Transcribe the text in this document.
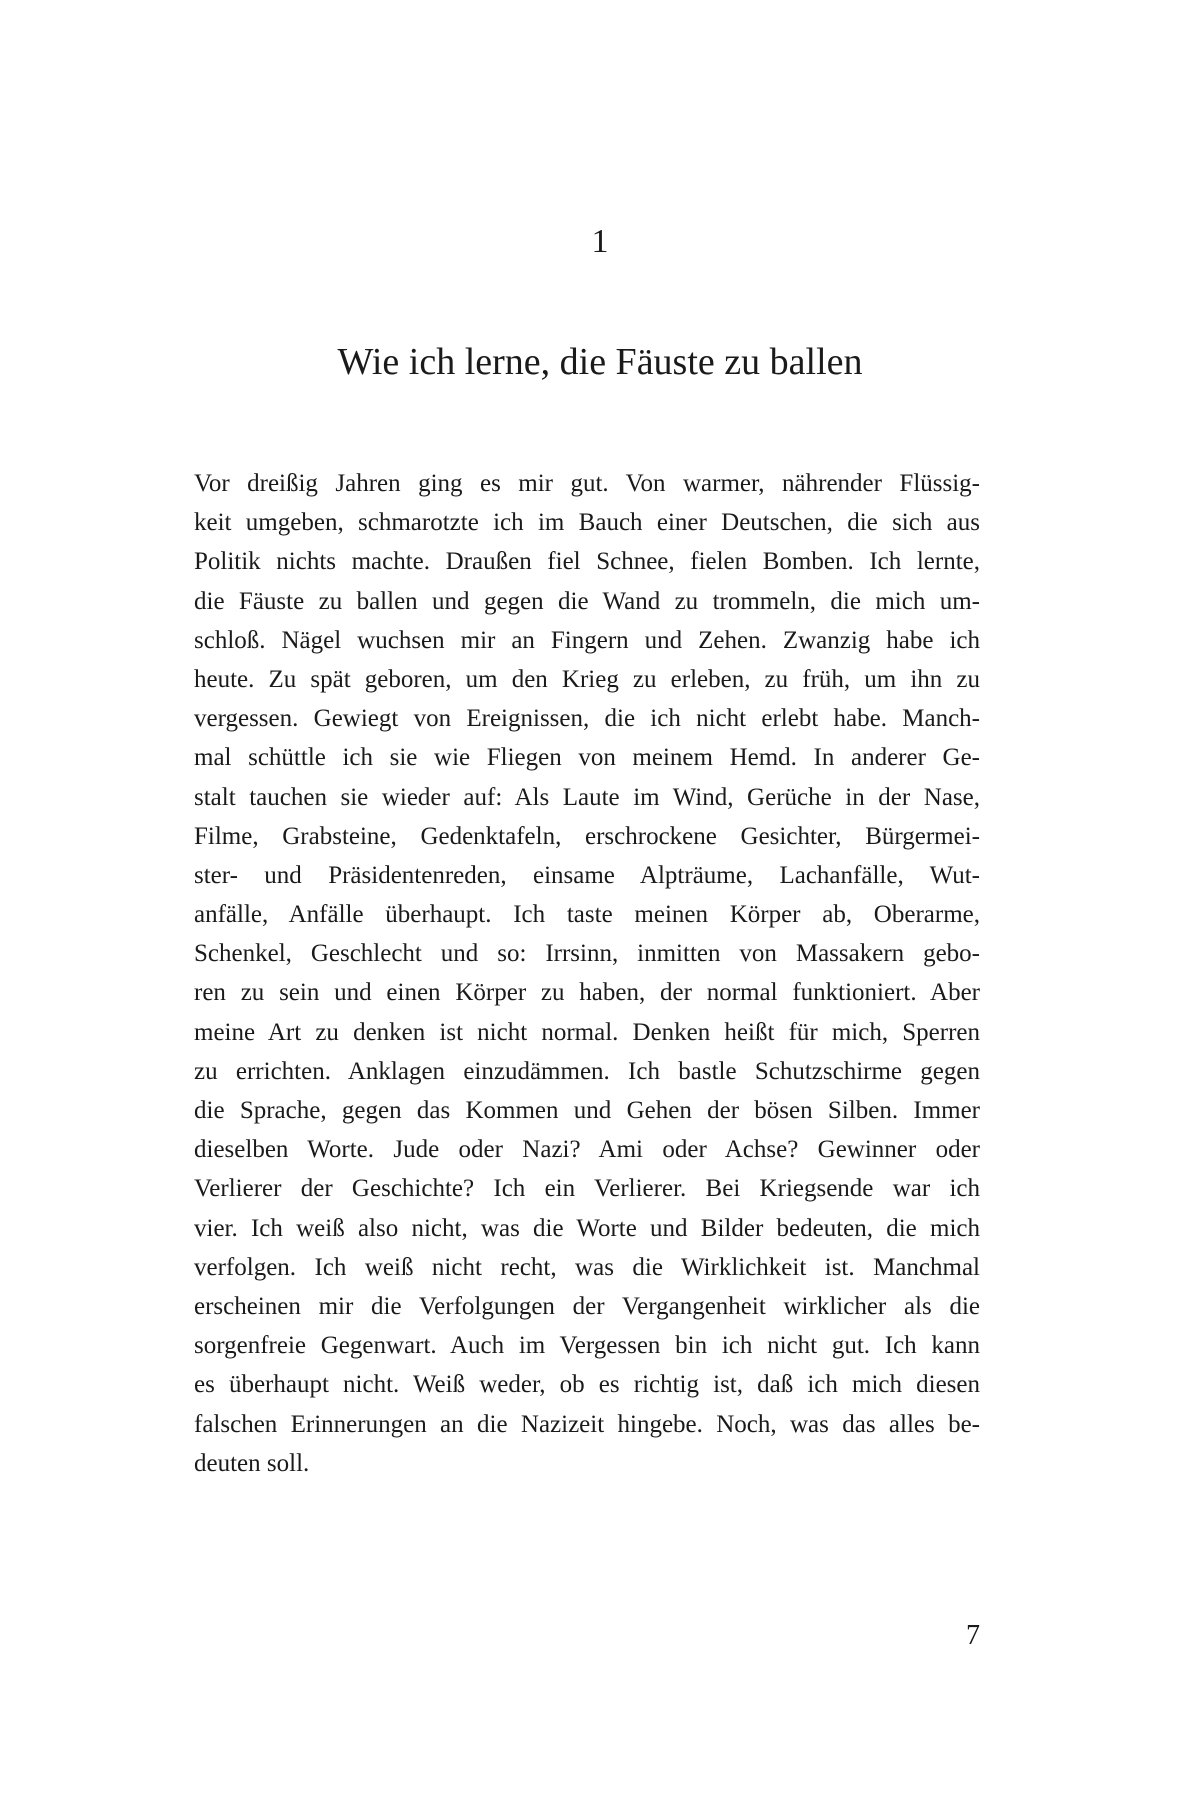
1
Wie ich lerne, die Fäuste zu ballen
Vor dreißig Jahren ging es mir gut. Von warmer, nährender Flüssig-
keit umgeben, schmarotzte ich im Bauch einer Deutschen, die sich aus
Politik nichts machte. Draußen fiel Schnee, fielen Bomben. Ich lernte,
die Fäuste zu ballen und gegen die Wand zu trommeln, die mich um-
schloß. Nägel wuchsen mir an Fingern und Zehen. Zwanzig habe ich
heute. Zu spät geboren, um den Krieg zu erleben, zu früh, um ihn zu
vergessen. Gewiegt von Ereignissen, die ich nicht erlebt habe. Manch-
mal schüttle ich sie wie Fliegen von meinem Hemd. In anderer Ge-
stalt tauchen sie wieder auf: Als Laute im Wind, Gerüche in der Nase,
Filme, Grabsteine, Gedenktafeln, erschrockene Gesichter, Bürgermei-
ster- und Präsidentenreden, einsame Alpträume, Lachanfälle, Wut-
anfälle, Anfälle überhaupt. Ich taste meinen Körper ab, Oberarme,
Schenkel, Geschlecht und so: Irrsinn, inmitten von Massakern gebo-
ren zu sein und einen Körper zu haben, der normal funktioniert. Aber
meine Art zu denken ist nicht normal. Denken heißt für mich, Sperren
zu errichten. Anklagen einzudämmen. Ich bastle Schutzschirme gegen
die Sprache, gegen das Kommen und Gehen der bösen Silben. Immer
dieselben Worte. Jude oder Nazi? Ami oder Achse? Gewinner oder
Verlierer der Geschichte? Ich ein Verlierer. Bei Kriegsende war ich
vier. Ich weiß also nicht, was die Worte und Bilder bedeuten, die mich
verfolgen. Ich weiß nicht recht, was die Wirklichkeit ist. Manchmal
erscheinen mir die Verfolgungen der Vergangenheit wirklicher als die
sorgenfreie Gegenwart. Auch im Vergessen bin ich nicht gut. Ich kann
es überhaupt nicht. Weiß weder, ob es richtig ist, daß ich mich diesen
falschen Erinnerungen an die Nazizeit hingebe. Noch, was das alles be-
deuten soll.
7
